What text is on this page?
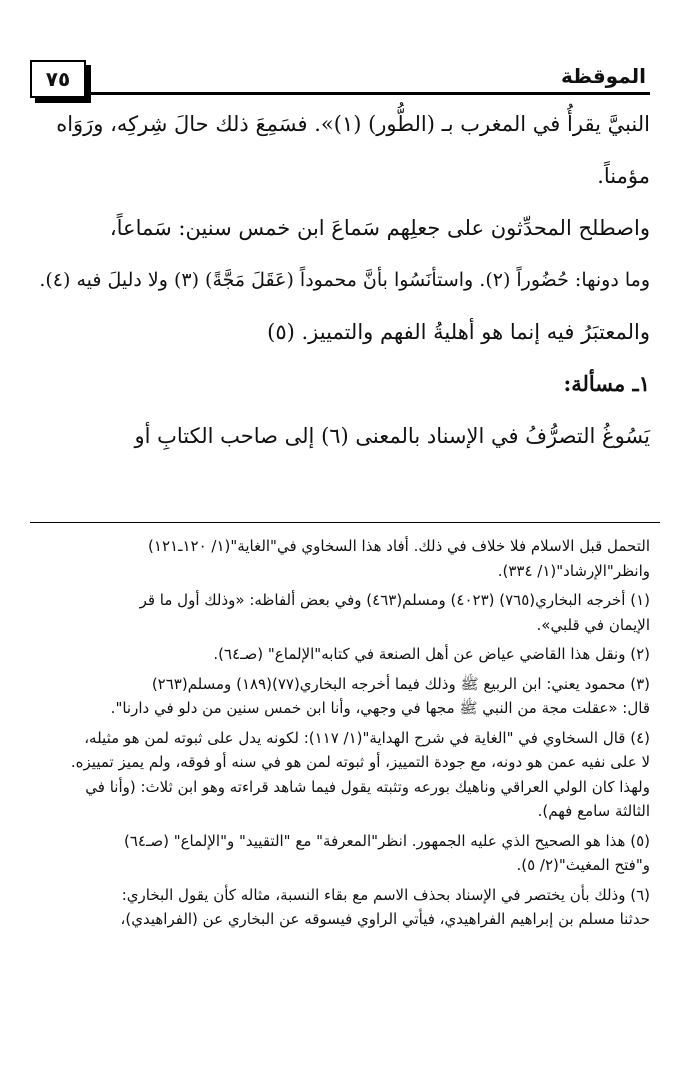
٧٥	الموقظة
النبيَّ يقرأُ في المغرب بـ (الطُّور) (١)». فسَمِعَ ذلك حالَ شِركِه، ورَوَاه
مؤمناً.
واصطلح المحدِّثون على جعلِهم سَماعَ ابن خمس سنين: سَماعاً،
وما دونها: حُضُوراً (٢). واستأنَسُوا بأنَّ محموداً (عَقَلَ مَجَّةً) (٣) ولا دليلَ فيه (٤).
والمعتبَرُ فيه إنما هو أهليةُ الفهم والتمييز. (٥)
١ـ مسألة:
يَسُوغُ التصرُّفُ في الإسناد بالمعنى (٦) إلى صاحب الكتابِ أو
التحمل قبل الاسلام فلا خلاف في ذلك. أفاد هذا السخاوي في"الغاية"(١/ ١٢٠ـ١٢١)
وانظر"الإرشاد"(١/ ٣٣٤).
(١) أخرجه البخاري(٧٦٥) (٤٠٢٣) ومسلم(٤٦٣) وفي بعض ألفاظه: «وذلك أول ما قر
الإيمان في قلبي».
(٢) ونقل هذا القاضي عياض عن أهل الصنعة في كتابه"الإلماع" (صـ٦٤).
(٣) محمود يعني: ابن الربيع ﷺ وذلك فيما أخرجه البخاري(٧٧)(١٨٩) ومسلم(٢٦٣)
قال: «عقلت مجة من النبي ﷺ مجها في وجهي، وأنا ابن خمس سنين من دلو في دارنا".
(٤) قال السخاوي في "الغاية في شرح الهداية"(١/ ١١٧): لكونه يدل على ثبوته لمن هو مثيله،
لا على نفيه عمن هو دونه، مع جودة التمييز، أو ثبوته لمن هو في سنه أو فوقه، ولم يميز تمييزه.
ولهذا كان الولي العراقي وناهيك بورعه وتثبته يقول فيما شاهد قراءته وهو ابن ثلاث: (وأنا في
الثالثة سامع فهم).
(٥) هذا هو الصحيح الذي عليه الجمهور. انظر"المعرفة" مع "التقييد" و"الإلماع" (صـ٦٤)
و"فتح المغيث"(٢/ ٥).
(٦) وذلك بأن يختصر في الإسناد بحذف الاسم مع بقاء النسبة، مثاله كأن يقول البخاري:
حدثنا مسلم بن إبراهيم الفراهيدي، فيأتي الراوي فيسوقه عن البخاري عن (الفراهيدي)،
